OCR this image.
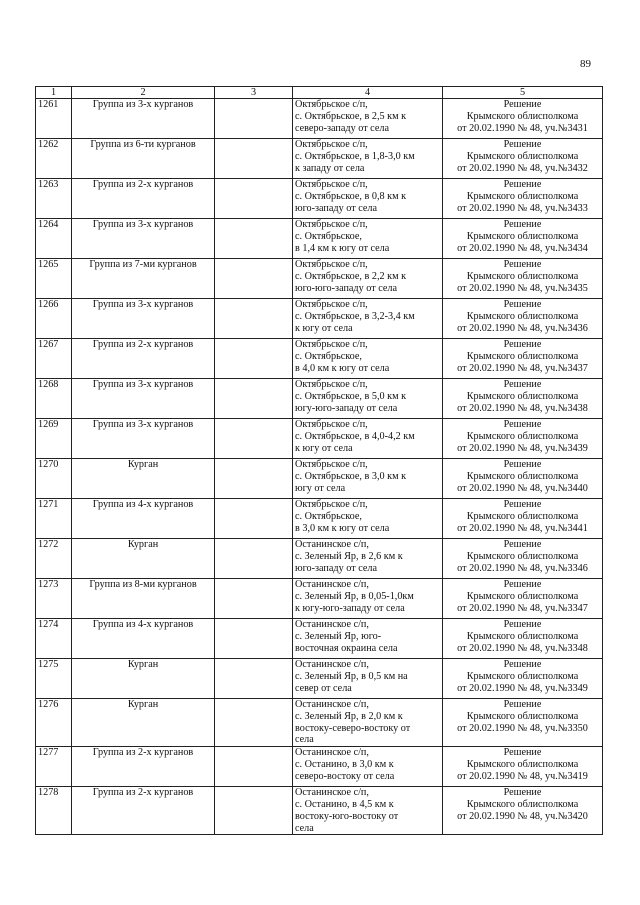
89
1	2	3	4	5
1261	Группа из 3-х курганов		Октябрьское с/п,
с. Октябрьское, в 2,5 км к
северо-западу от села	Решение
Крымского облисполкома
от 20.02.1990 № 48, уч.№3431

1262	Группа из 6-ти курганов		Октябрьское с/п,
с. Октябрьское, в 1,8-3,0 км
к западу от села	Решение
Крымского облисполкома
от 20.02.1990 № 48, уч.№3432

1263	Группа из 2-х курганов		Октябрьское с/п,
с. Октябрьское, в 0,8 км к
юго-западу от села	Решение
Крымского облисполкома
от 20.02.1990 № 48, уч.№3433

1264	Группа из 3-х курганов		Октябрьское с/п,
с. Октябрьское,
в 1,4 км к югу от села	Решение
Крымского облисполкома
от 20.02.1990 № 48, уч.№3434

1265	Группа из 7-ми курганов		Октябрьское с/п,
с. Октябрьское, в 2,2 км к
юго-юго-западу от села	Решение
Крымского облисполкома
от 20.02.1990 № 48, уч.№3435

1266	Группа из 3-х курганов		Октябрьское с/п,
с. Октябрьское, в 3,2-3,4 км
к югу от села	Решение
Крымского облисполкома
от 20.02.1990 № 48, уч.№3436

1267	Группа из 2-х курганов		Октябрьское с/п,
с. Октябрьское,
в 4,0 км к югу от села	Решение
Крымского облисполкома
от 20.02.1990 № 48, уч.№3437

1268	Группа из 3-х курганов		Октябрьское с/п,
с. Октябрьское, в 5,0 км к
югу-юго-западу от села	Решение
Крымского облисполкома
от 20.02.1990 № 48, уч.№3438

1269	Группа из 3-х курганов		Октябрьское с/п,
с. Октябрьское, в 4,0-4,2 км
к югу от села	Решение
Крымского облисполкома
от 20.02.1990 № 48, уч.№3439

1270	Курган		Октябрьское с/п,
с. Октябрьское, в 3,0 км к
югу от села	Решение
Крымского облисполкома
от 20.02.1990 № 48, уч.№3440

1271	Группа из 4-х курганов		Октябрьское с/п,
с. Октябрьское,
в 3,0 км к югу от села	Решение
Крымского облисполкома
от 20.02.1990 № 48, уч.№3441

1272	Курган		Останинское с/п,
с. Зеленый Яр, в 2,6 км к
юго-западу от села	Решение
Крымского облисполкома
от 20.02.1990 № 48, уч.№3346

1273	Группа из 8-ми курганов		Останинское с/п,
с. Зеленый Яр, в 0,05-1,0км
к югу-юго-западу от села	Решение
Крымского облисполкома
от 20.02.1990 № 48, уч.№3347

1274	Группа из 4-х курганов		Останинское с/п,
с. Зеленый Яр, юго-
восточная окраина села	Решение
Крымского облисполкома
от 20.02.1990 № 48, уч.№3348

1275	Курган		Останинское с/п,
с. Зеленый Яр, в 0,5 км на
север от села	Решение
Крымского облисполкома
от 20.02.1990 № 48, уч.№3349

1276	Курган		Останинское с/п,
с. Зеленый Яр, в 2,0 км к
востоку-северо-востоку от
села	Решение
Крымского облисполкома
от 20.02.1990 № 48, уч.№3350

1277	Группа из 2-х курганов		Останинское с/п,
с. Останино, в 3,0 км к
северо-востоку от села	Решение
Крымского облисполкома
от 20.02.1990 № 48, уч.№3419

1278	Группа из 2-х курганов		Останинское с/п,
с. Останино, в 4,5 км к
востоку-юго-востоку от
села	Решение
Крымского облисполкома
от 20.02.1990 № 48, уч.№3420
